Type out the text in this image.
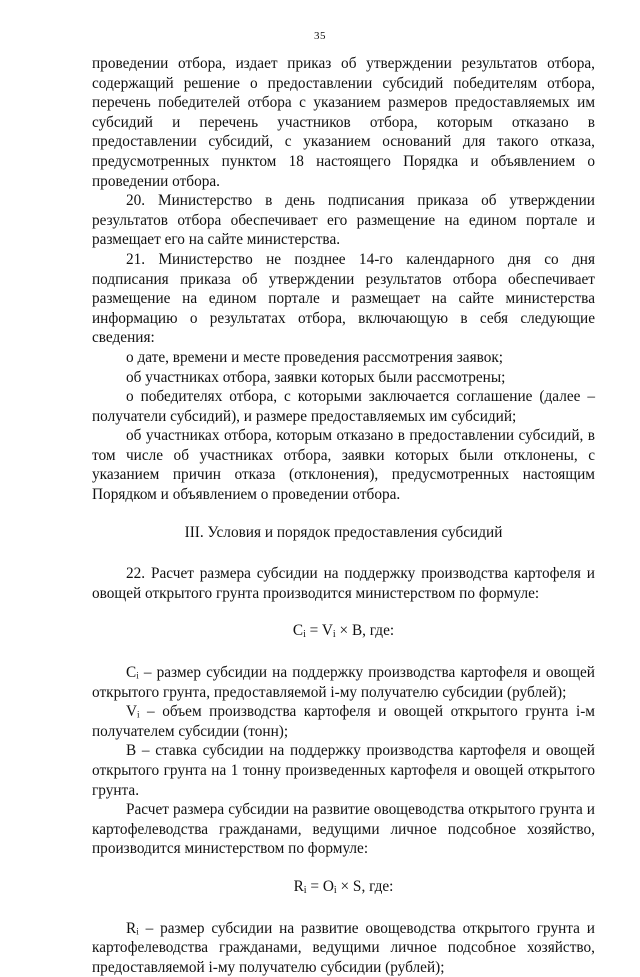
35

проведении отбора, издает приказ об утверждении результатов отбора, содержащий решение о предоставлении субсидий победителям отбора, перечень победителей отбора с указанием размеров предоставляемых им субсидий и перечень участников отбора, которым отказано в предоставлении субсидий, с указанием оснований для такого отказа, предусмотренных пунктом 18 настоящего Порядка и объявлением о проведении отбора.

20. Министерство в день подписания приказа об утверждении результатов отбора обеспечивает его размещение на едином портале и размещает его на сайте министерства.

21. Министерство не позднее 14-го календарного дня со дня подписания приказа об утверждении результатов отбора обеспечивает размещение на едином портале и размещает на сайте министерства информацию о результатах отбора, включающую в себя следующие сведения:

о дате, времени и месте проведения рассмотрения заявок;

об участниках отбора, заявки которых были рассмотрены;

о победителях отбора, с которыми заключается соглашение (далее – получатели субсидий), и размере предоставляемых им субсидий;

об участниках отбора, которым отказано в предоставлении субсидий, в том числе об участниках отбора, заявки которых были отклонены, с указанием причин отказа (отклонения), предусмотренных настоящим Порядком и объявлением о проведении отбора.

III. Условия и порядок предоставления субсидий

22. Расчет размера субсидии на поддержку производства картофеля и овощей открытого грунта производится министерством по формуле:

$C_i = V_i \times B$, где:

Cᵢ – размер субсидии на поддержку производства картофеля и овощей открытого грунта, предоставляемой i-му получателю субсидии (рублей);

Vᵢ – объем производства картофеля и овощей открытого грунта i-м получателем субсидии (тонн);

B – ставка субсидии на поддержку производства картофеля и овощей открытого грунта на 1 тонну произведенных картофеля и овощей открытого грунта.

Расчет размера субсидии на развитие овощеводства открытого грунта и картофелеводства гражданами, ведущими личное подсобное хозяйство, производится министерством по формуле:

$R_i = O_i \times S$, где:

Rᵢ – размер субсидии на развитие овощеводства открытого грунта и картофелеводства гражданами, ведущими личное подсобное хозяйство, предоставляемой i-му получателю субсидии (рублей);
